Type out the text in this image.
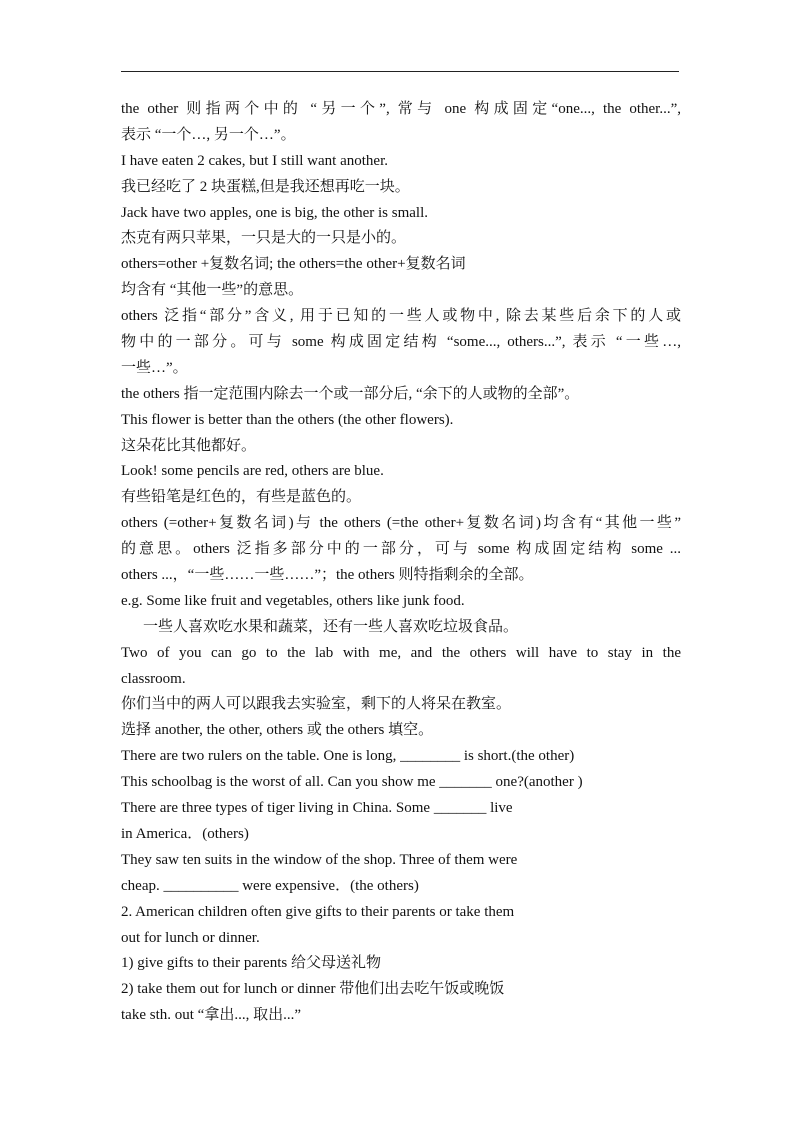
the other 则指两个中的 “另一个”, 常与 one 构成固定“one..., the other...”,
表示 “一个…, 另一个…”。
I have eaten 2 cakes, but I still want another.
我已经吃了 2 块蛋糕,但是我还想再吃一块。
Jack have two apples, one is big, the other is small.
杰克有两只苹果，一只是大的一只是小的。
others=other +复数名词; the others=the other+复数名词
均含有 “其他一些”的意思。
others 泛指“部分”含义, 用于已知的一些人或物中, 除去某些后余下的人或
物中的一部分。可与 some 构成固定结构 “some..., others...”, 表示 “一些…,
一些…”。
the others 指一定范围内除去一个或一部分后, “余下的人或物的全部”。
This flower is better than the others (the other flowers).
这朵花比其他都好。
Look! some pencils are red, others are blue.
有些铅笔是红色的，有些是蓝色的。
others (=other+复数名词)与 the others (=the other+复数名词)均含有“其他一些”
的意思。others 泛指多部分中的一部分，可与 some 构成固定结构 some ...
others ...，“一些……一些……”；the others 则特指剩余的全部。
e.g. Some like fruit and vegetables, others like junk food.
一些人喜欢吃水果和蔬菜，还有一些人喜欢吃垃圾食品。
Two of you can go to the lab with me, and the others will have to stay in the
classroom.
你们当中的两人可以跟我去实验室，剩下的人将呆在教室。
选择 another, the other, others 或 the others 填空。
There are two rulers on the table. One is long, ________ is short.(the other)
This schoolbag is the worst of all. Can you show me _______ one?(another )
There are three types of tiger living in China. Some _______ live
in America．(others)
They saw ten suits in the window of the shop. Three of them were
cheap. __________ were expensive．(the others)
2. American children often give gifts to their parents or take them
out for lunch or dinner.
1) give gifts to their parents 给父母送礼物
2) take them out for lunch or dinner 带他们出去吃午饭或晚饭
take sth. out “拿出..., 取出...”
